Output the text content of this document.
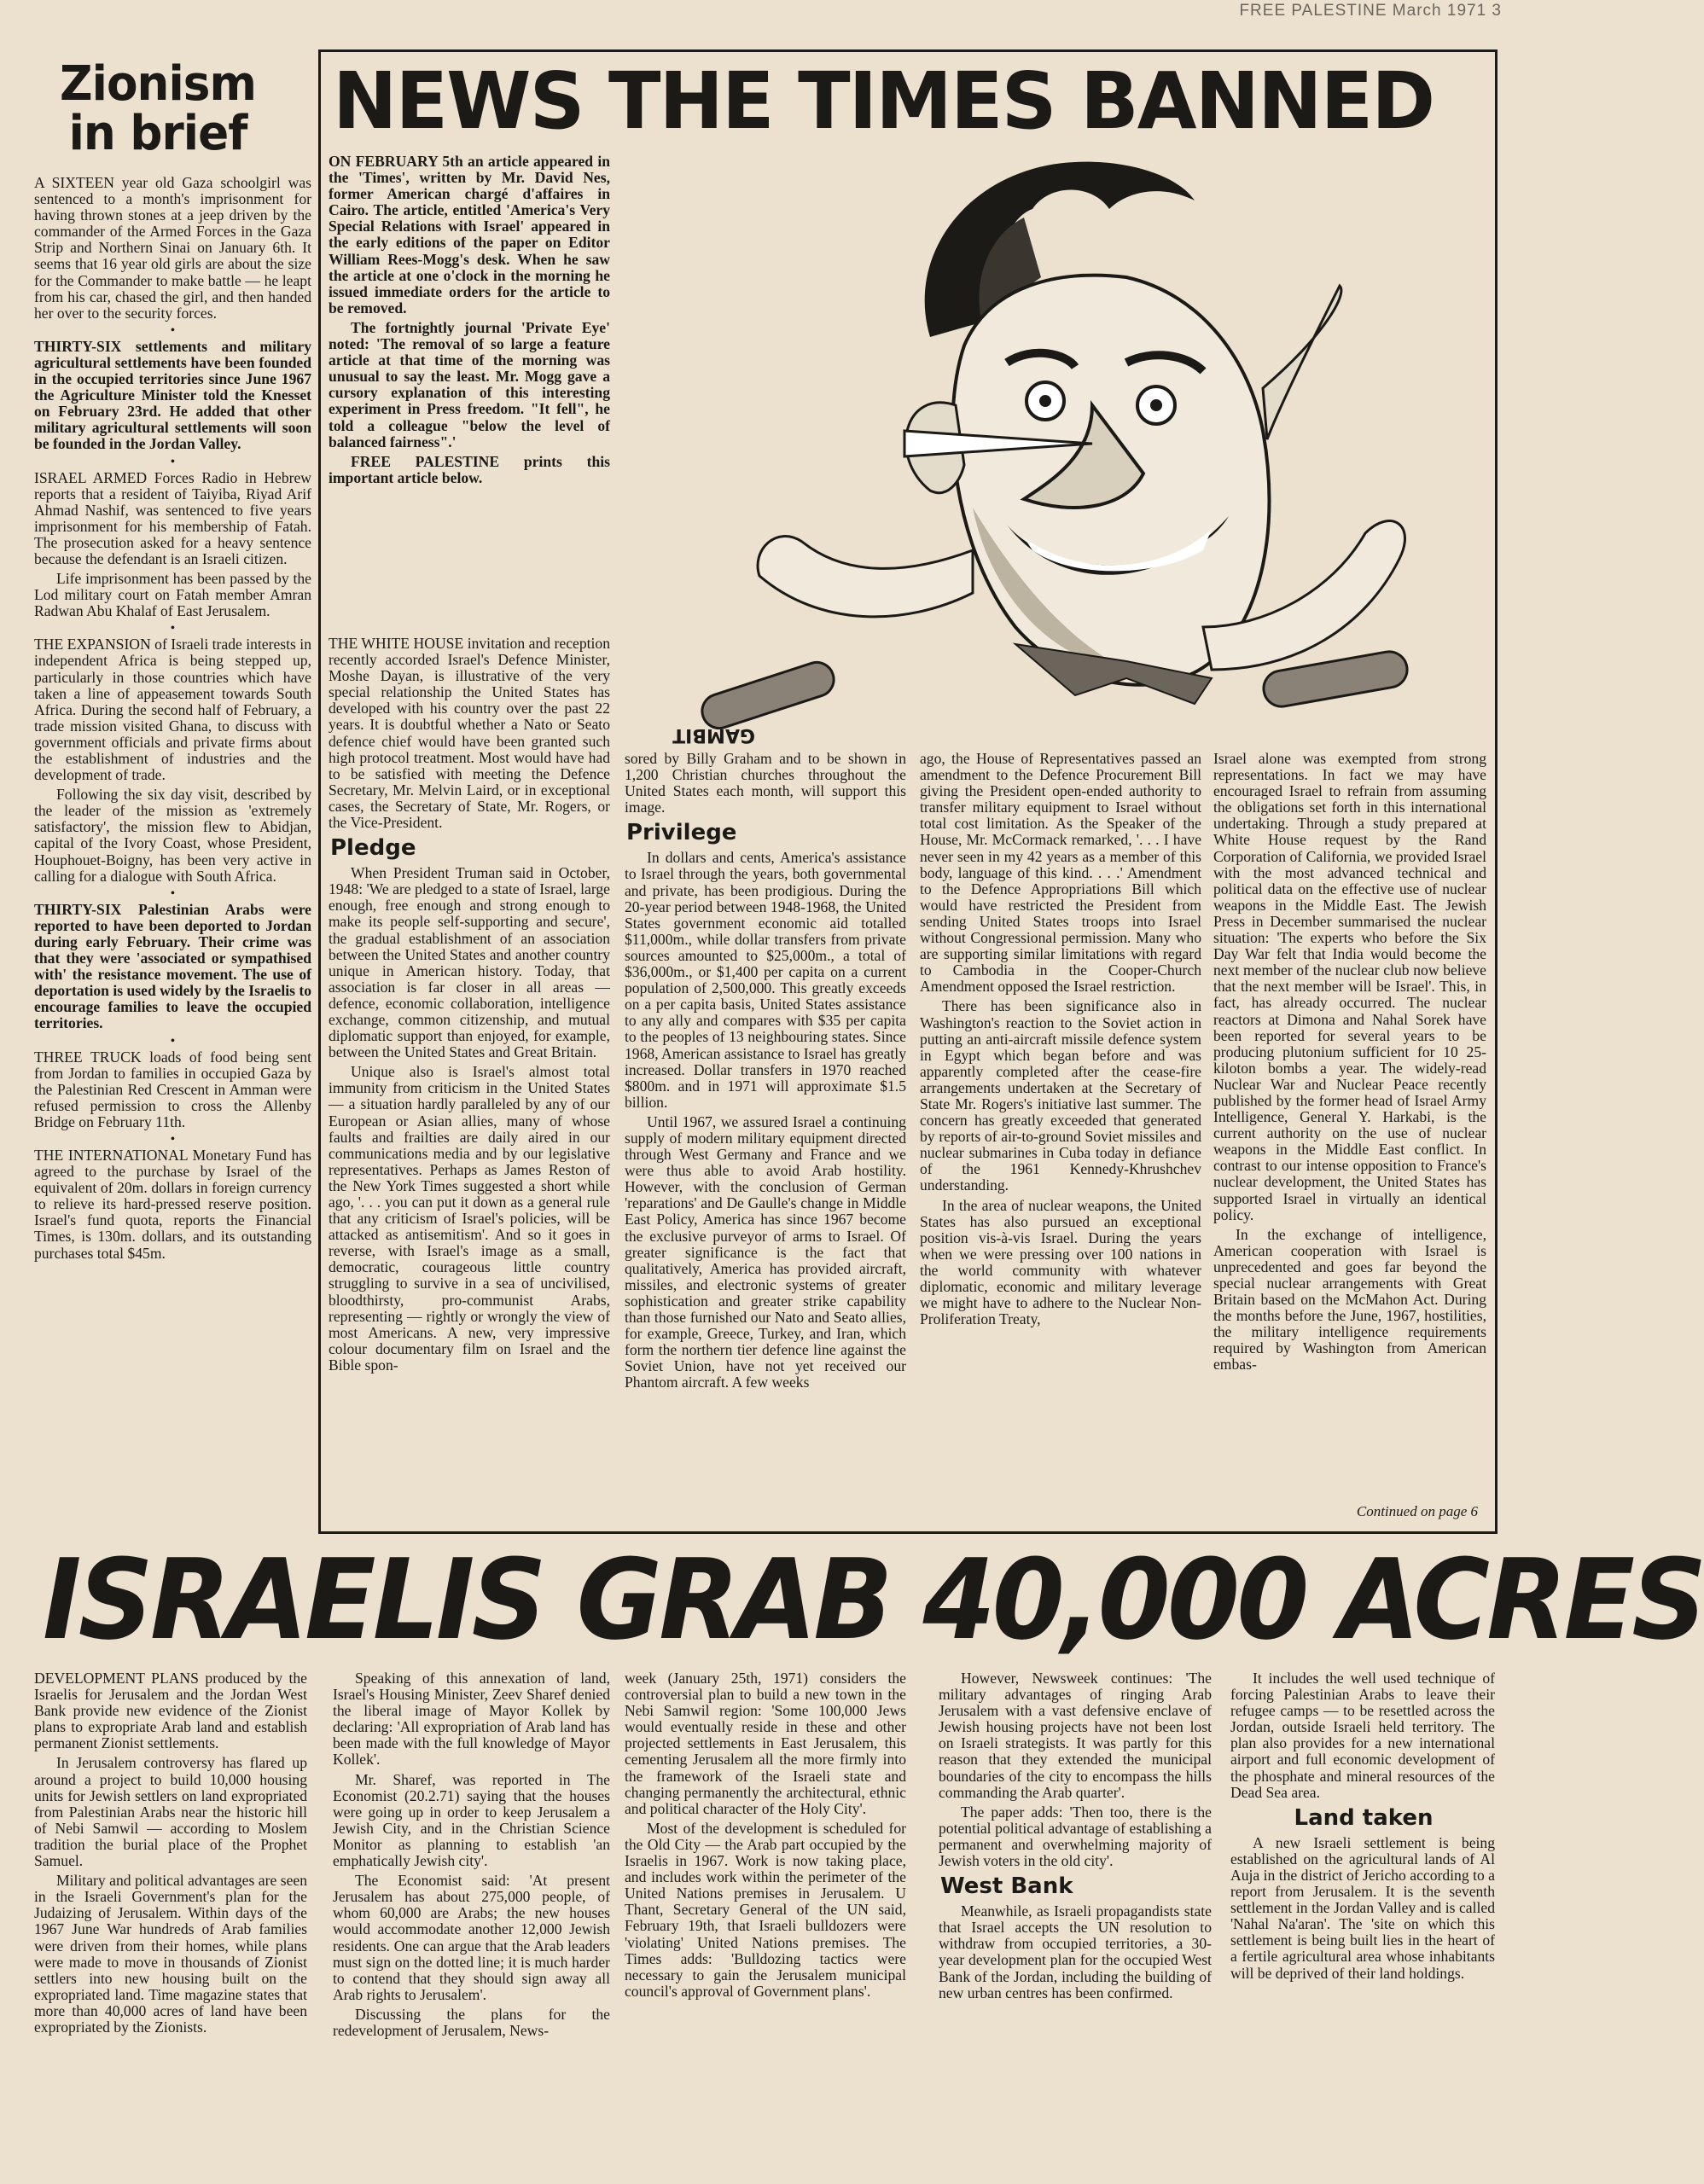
FREE PALESTINE March 1971 3
Zionism
in brief

A SIXTEEN year old Gaza schoolgirl was sentenced to a month's imprisonment for having thrown stones at a jeep driven by the commander of the Armed Forces in the Gaza Strip and Northern Sinai on January 6th. It seems that 16 year old girls are about the size for the Commander to make battle — he leapt from his car, chased the girl, and then handed her over to the security forces.

•

THIRTY-SIX settlements and military agricultural settlements have been founded in the occupied territories since June 1967 the Agriculture Minister told the Knesset on February 23rd. He added that other military agricultural settlements will soon be founded in the Jordan Valley.

•

ISRAEL ARMED Forces Radio in Hebrew reports that a resident of Taiyiba, Riyad Arif Ahmad Nashif, was sentenced to five years imprisonment for his membership of Fatah. The prosecution asked for a heavy sentence because the defendant is an Israeli citizen.

Life imprisonment has been passed by the Lod military court on Fatah member Amran Radwan Abu Khalaf of East Jerusalem.

•

THE EXPANSION of Israeli trade interests in independent Africa is being stepped up, particularly in those countries which have taken a line of appeasement towards South Africa. During the second half of February, a trade mission visited Ghana, to discuss with government officials and private firms about the establishment of industries and the development of trade.

Following the six day visit, described by the leader of the mission as 'extremely satisfactory', the mission flew to Abidjan, capital of the Ivory Coast, whose President, Houphouet-Boigny, has been very active in calling for a dialogue with South Africa.

•

THIRTY-SIX Palestinian Arabs were reported to have been deported to Jordan during early February. Their crime was that they were 'associated or sympathised with' the resistance movement. The use of deportation is used widely by the Israelis to encourage families to leave the occupied territories.

•

THREE TRUCK loads of food being sent from Jordan to families in occupied Gaza by the Palestinian Red Crescent in Amman were refused permission to cross the Allenby Bridge on February 11th.

•

THE INTERNATIONAL Monetary Fund has agreed to the purchase by Israel of the equivalent of 20m. dollars in foreign currency to relieve its hard-pressed reserve position. Israel's fund quota, reports the Financial Times, is 130m. dollars, and its outstanding purchases total $45m.

NEWS THE TIMES BANNED

ON FEBRUARY 5th an article appeared in the 'Times', written by Mr. David Nes, former American chargé d'affaires in Cairo. The article, entitled 'America's Very Special Relations with Israel' appeared in the early editions of the paper on Editor William Rees-Mogg's desk. When he saw the article at one o'clock in the morning he issued immediate orders for the article to be removed.

The fortnightly journal 'Private Eye' noted: 'The removal of so large a feature article at that time of the morning was unusual to say the least. Mr. Mogg gave a cursory explanation of this interesting experiment in Press freedom. "It fell", he told a colleague "below the level of balanced fairness".'

FREE PALESTINE prints this important article below.

GAMBIT

THE WHITE HOUSE invitation and reception recently accorded Israel's Defence Minister, Moshe Dayan, is illustrative of the very special relationship the United States has developed with his country over the past 22 years. It is doubtful whether a Nato or Seato defence chief would have been granted such high protocol treatment. Most would have had to be satisfied with meeting the Defence Secretary, Mr. Melvin Laird, or in exceptional cases, the Secretary of State, Mr. Rogers, or the Vice-President.

Pledge

When President Truman said in October, 1948: 'We are pledged to a state of Israel, large enough, free enough and strong enough to make its people self-supporting and secure', the gradual establishment of an association between the United States and another country unique in American history. Today, that association is far closer in all areas — defence, economic collaboration, intelligence exchange, common citizenship, and mutual diplomatic support than enjoyed, for example, between the United States and Great Britain.

Unique also is Israel's almost total immunity from criticism in the United States — a situation hardly paralleled by any of our European or Asian allies, many of whose faults and frailties are daily aired in our communications media and by our legislative representatives. Perhaps as James Reston of the New York Times suggested a short while ago, '. . . you can put it down as a general rule that any criticism of Israel's policies, will be attacked as antisemitism'. And so it goes in reverse, with Israel's image as a small, democratic, courageous little country struggling to survive in a sea of uncivilised, bloodthirsty, pro-communist Arabs, representing — rightly or wrongly the view of most Americans. A new, very impressive colour documentary film on Israel and the Bible spon-

sored by Billy Graham and to be shown in 1,200 Christian churches throughout the United States each month, will support this image.

Privilege

In dollars and cents, America's assistance to Israel through the years, both governmental and private, has been prodigious. During the 20-year period between 1948-1968, the United States government economic aid totalled $11,000m., while dollar transfers from private sources amounted to $25,000m., a total of $36,000m., or $1,400 per capita on a current population of 2,500,000. This greatly exceeds on a per capita basis, United States assistance to any ally and compares with $35 per capita to the peoples of 13 neighbouring states. Since 1968, American assistance to Israel has greatly increased. Dollar transfers in 1970 reached $800m. and in 1971 will approximate $1.5 billion.

Until 1967, we assured Israel a continuing supply of modern military equipment directed through West Germany and France and we were thus able to avoid Arab hostility. However, with the conclusion of German 'reparations' and De Gaulle's change in Middle East Policy, America has since 1967 become the exclusive purveyor of arms to Israel. Of greater significance is the fact that qualitatively, America has provided aircraft, missiles, and electronic systems of greater sophistication and greater strike capability than those furnished our Nato and Seato allies, for example, Greece, Turkey, and Iran, which form the northern tier defence line against the Soviet Union, have not yet received our Phantom aircraft. A few weeks

ago, the House of Representatives passed an amendment to the Defence Procurement Bill giving the President open-ended authority to transfer military equipment to Israel without total cost limitation. As the Speaker of the House, Mr. McCormack remarked, '. . . I have never seen in my 42 years as a member of this body, language of this kind. . . .' Amendment to the Defence Appropriations Bill which would have restricted the President from sending United States troops into Israel without Congressional permission. Many who are supporting similar limitations with regard to Cambodia in the Cooper-Church Amendment opposed the Israel restriction.

There has been significance also in Washington's reaction to the Soviet action in putting an anti-aircraft missile defence system in Egypt which began before and was apparently completed after the cease-fire arrangements undertaken at the Secretary of State Mr. Rogers's initiative last summer. The concern has greatly exceeded that generated by reports of air-to-ground Soviet missiles and nuclear submarines in Cuba today in defiance of the 1961 Kennedy-Khrushchev understanding.

In the area of nuclear weapons, the United States has also pursued an exceptional position vis-à-vis Israel. During the years when we were pressing over 100 nations in the world community with whatever diplomatic, economic and military leverage we might have to adhere to the Nuclear Non-Proliferation Treaty,

Israel alone was exempted from strong representations. In fact we may have encouraged Israel to refrain from assuming the obligations set forth in this international undertaking. Through a study prepared at White House request by the Rand Corporation of California, we provided Israel with the most advanced technical and political data on the effective use of nuclear weapons in the Middle East. The Jewish Press in December summarised the nuclear situation: 'The experts who before the Six Day War felt that India would become the next member of the nuclear club now believe that the next member will be Israel'. This, in fact, has already occurred. The nuclear reactors at Dimona and Nahal Sorek have been reported for several years to be producing plutonium sufficient for 10 25-kiloton bombs a year. The widely-read Nuclear War and Nuclear Peace recently published by the former head of Israel Army Intelligence, General Y. Harkabi, is the current authority on the use of nuclear weapons in the Middle East conflict. In contrast to our intense opposition to France's nuclear development, the United States has supported Israel in virtually an identical policy.

In the exchange of intelligence, American cooperation with Israel is unprecedented and goes far beyond the special nuclear arrangements with Great Britain based on the McMahon Act. During the months before the June, 1967, hostilities, the military intelligence requirements required by Washington from American embas-

Continued on page 6
ISRAELIS GRAB 40,000 ACRES

DEVELOPMENT PLANS produced by the Israelis for Jerusalem and the Jordan West Bank provide new evidence of the Zionist plans to expropriate Arab land and establish permanent Zionist settlements.

In Jerusalem controversy has flared up around a project to build 10,000 housing units for Jewish settlers on land expropriated from Palestinian Arabs near the historic hill of Nebi Samwil — according to Moslem tradition the burial place of the Prophet Samuel.

Military and political advantages are seen in the Israeli Government's plan for the Judaizing of Jerusalem. Within days of the 1967 June War hundreds of Arab families were driven from their homes, while plans were made to move in thousands of Zionist settlers into new housing built on the expropriated land. Time magazine states that more than 40,000 acres of land have been expropriated by the Zionists.

Speaking of this annexation of land, Israel's Housing Minister, Zeev Sharef denied the liberal image of Mayor Kollek by declaring: 'All expropriation of Arab land has been made with the full knowledge of Mayor Kollek'.

Mr. Sharef, was reported in The Economist (20.2.71) saying that the houses were going up in order to keep Jerusalem a Jewish City, and in the Christian Science Monitor as planning to establish 'an emphatically Jewish city'.

The Economist said: 'At present Jerusalem has about 275,000 people, of whom 60,000 are Arabs; the new houses would accommodate another 12,000 Jewish residents. One can argue that the Arab leaders must sign on the dotted line; it is much harder to contend that they should sign away all Arab rights to Jerusalem'.

Discussing the plans for the redevelopment of Jerusalem, News-

week (January 25th, 1971) considers the controversial plan to build a new town in the Nebi Samwil region: 'Some 100,000 Jews would eventually reside in these and other projected settlements in East Jerusalem, this cementing Jerusalem all the more firmly into the framework of the Israeli state and changing permanently the architectural, ethnic and political character of the Holy City'.

Most of the development is scheduled for the Old City — the Arab part occupied by the Israelis in 1967. Work is now taking place, and includes work within the perimeter of the United Nations premises in Jerusalem. U Thant, Secretary General of the UN said, February 19th, that Israeli bulldozers were 'violating' United Nations premises. The Times adds: 'Bulldozing tactics were necessary to gain the Jerusalem municipal council's approval of Government plans'.

However, Newsweek continues: 'The military advantages of ringing Arab Jerusalem with a vast defensive enclave of Jewish housing projects have not been lost on Israeli strategists. It was partly for this reason that they extended the municipal boundaries of the city to encompass the hills commanding the Arab quarter'.

The paper adds: 'Then too, there is the potential political advantage of establishing a permanent and overwhelming majority of Jewish voters in the old city'.

West Bank

Meanwhile, as Israeli propagandists state that Israel accepts the UN resolution to withdraw from occupied territories, a 30-year development plan for the occupied West Bank of the Jordan, including the building of new urban centres has been confirmed.

It includes the well used technique of forcing Palestinian Arabs to leave their refugee camps — to be resettled across the Jordan, outside Israeli held territory. The plan also provides for a new international airport and full economic development of the phosphate and mineral resources of the Dead Sea area.

Land taken

A new Israeli settlement is being established on the agricultural lands of Al Auja in the district of Jericho according to a report from Jerusalem. It is the seventh settlement in the Jordan Valley and is called 'Nahal Na'aran'. The 'site on which this settlement is being built lies in the heart of a fertile agricultural area whose inhabitants will be deprived of their land holdings.
